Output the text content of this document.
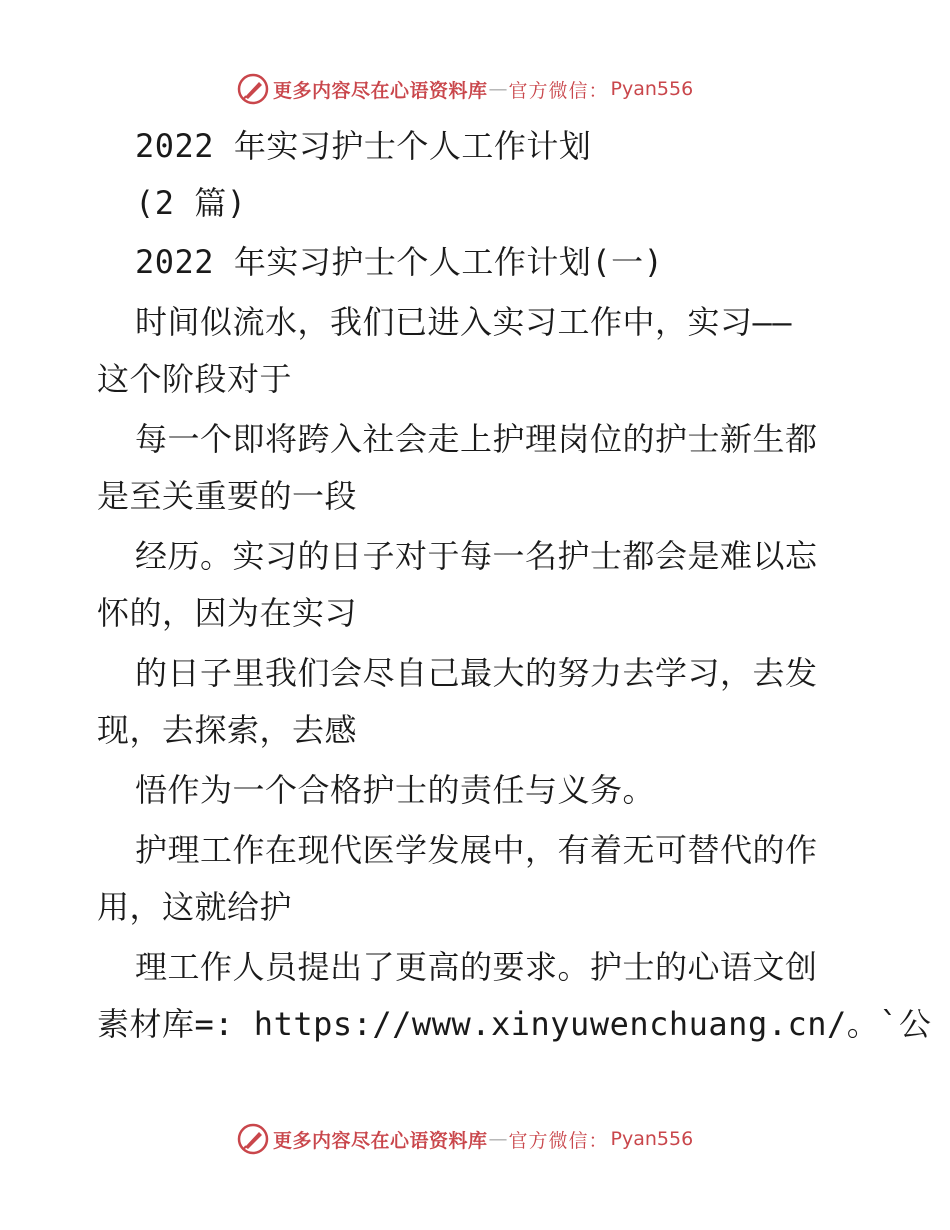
更多内容尽在心语资料库 — 官方微信： Pyan556
2022 年实习护士个人工作计划
(2 篇)
2022 年实习护士个人工作计划(一)
时间似流水，我们已进入实习工作中，实习——
这个阶段对于
每一个即将跨入社会走上护理岗位的护士新生都
是至关重要的一段
经历。实习的日子对于每一名护士都会是难以忘
怀的，因为在实习
的日子里我们会尽自己最大的努力去学习，去发
现，去探索，去感
悟作为一个合格护士的责任与义务。
护理工作在现代医学发展中，有着无可替代的作
用，这就给护
理工作人员提出了更高的要求。护士的心语文创
素材库=: https://www.xinyuwenchuang.cn/。`公
更多内容尽在心语资料库 — 官方微信： Pyan556
